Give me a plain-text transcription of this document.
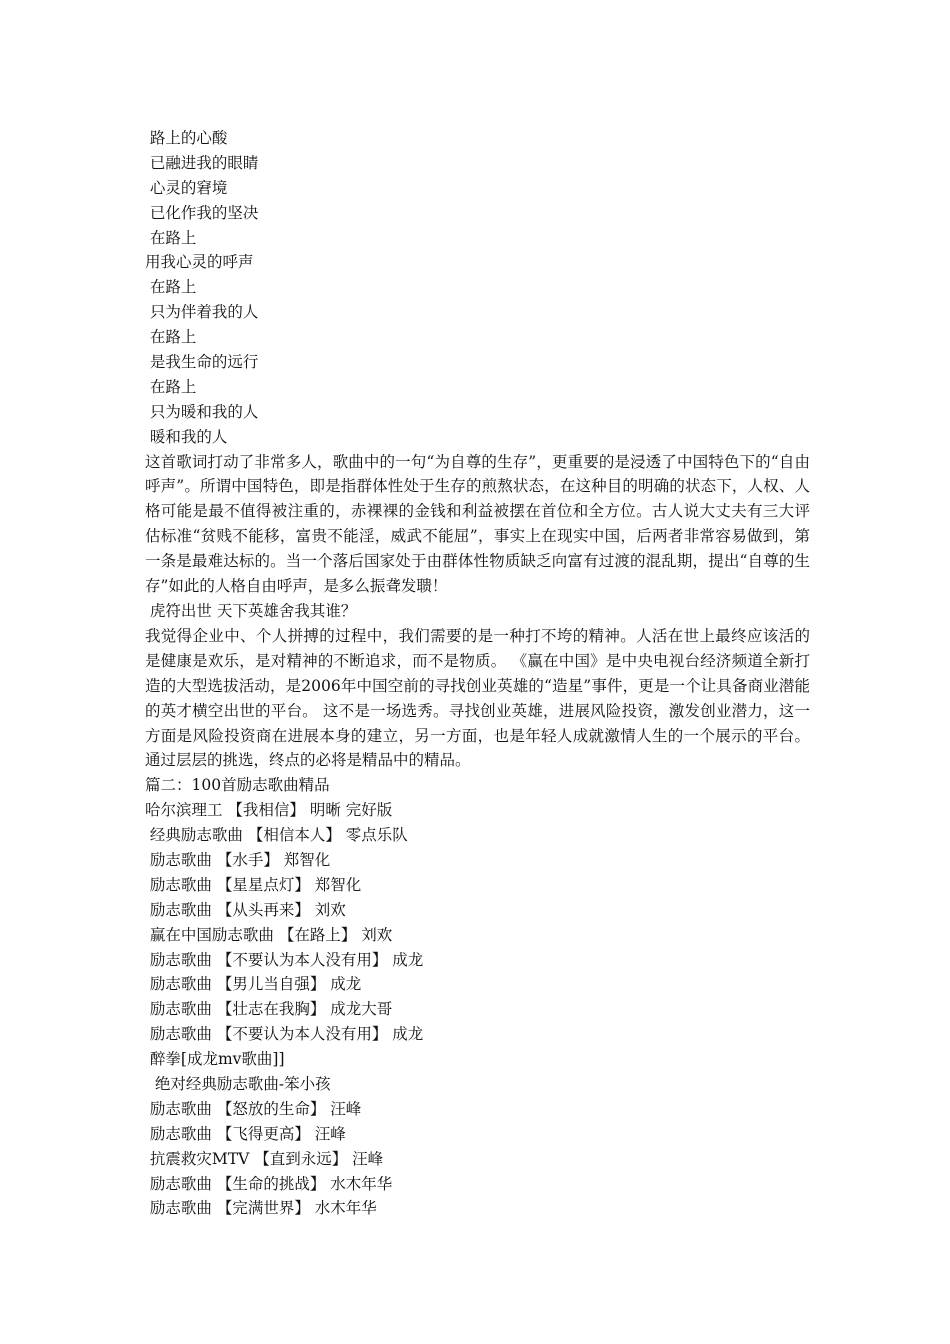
路上的心酸
已融进我的眼睛
心灵的窘境
已化作我的坚决
在路上
用我心灵的呼声
在路上
只为伴着我的人
在路上
是我生命的远行
在路上
只为暖和我的人
暖和我的人
这首歌词打动了非常多人，歌曲中的一句“为自尊的生存”，更重要的是浸透了中国特色下的“自由呼声”。所谓中国特色，即是指群体性处于生存的煎熬状态，在这种目的明确的状态下，人权、人格可能是最不值得被注重的，赤裸裸的金钱和利益被摆在首位和全方位。古人说大丈夫有三大评估标准“贫贱不能移，富贵不能淫，威武不能屈”，事实上在现实中国，后两者非常容易做到，第一条是最难达标的。当一个落后国家处于由群体性物质缺乏向富有过渡的混乱期，提出“自尊的生存”如此的人格自由呼声，是多么振聋发聩！
虎符出世 天下英雄舍我其谁？
我觉得企业中、个人拼搏的过程中，我们需要的是一种打不垮的精神。人活在世上最终应该活的是健康是欢乐，是对精神的不断追求，而不是物质。 《赢在中国》是中央电视台经济频道全新打造的大型选拔活动，是2006年中国空前的寻找创业英雄的“造星”事件，更是一个让具备商业潜能的英才横空出世的平台。 这不是一场选秀。寻找创业英雄，进展风险投资，激发创业潜力，这一方面是风险投资商在进展本身的建立，另一方面，也是年轻人成就激情人生的一个展示的平台。通过层层的挑选，终点的必将是精品中的精品。
篇二：100首励志歌曲精品
哈尔滨理工 【我相信】 明晰 完好版
经典励志歌曲 【相信本人】 零点乐队
励志歌曲 【水手】 郑智化
励志歌曲 【星星点灯】 郑智化
励志歌曲 【从头再来】 刘欢
赢在中国励志歌曲 【在路上】 刘欢
励志歌曲 【不要认为本人没有用】 成龙
励志歌曲 【男儿当自强】 成龙
励志歌曲 【壮志在我胸】 成龙大哥
励志歌曲 【不要认为本人没有用】 成龙
醉拳[成龙mv歌曲]]
绝对经典励志歌曲-笨小孩
励志歌曲 【怒放的生命】 汪峰
励志歌曲 【飞得更高】 汪峰
抗震救灾MTV 【直到永远】 汪峰
励志歌曲 【生命的挑战】 水木年华
励志歌曲 【完满世界】 水木年华
